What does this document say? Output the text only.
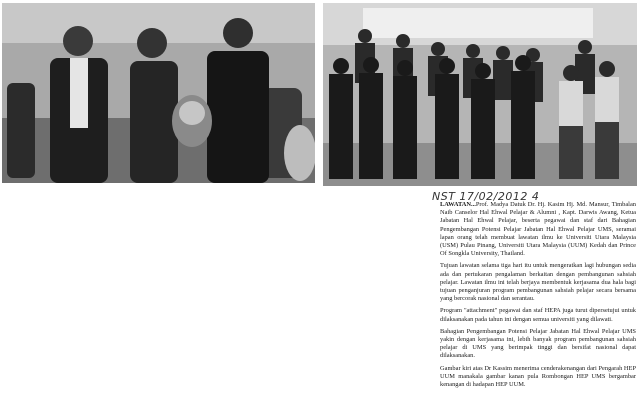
NST 17/02/2012 4

LAWATAN...Prof. Madya Datuk Dr. Hj. Kasim Hj. Md. Mansur, Timbalan Naib Canselor Hal Ehwal Pelajar & Alumni , Kapt. Darwis Awang, Ketua Jabatan Hal Ehwal Pelajar, beserta pegawai dan staf dari Bahagian Pengembangan Potensi Pelajar Jabatan Hal Ehwal Pelajar UMS, seramai lapan orang telah membuat lawatan ilmu ke Universiti Utara Malaysia (USM) Pulau Pinang, Universiti Utara Malaysia (UUM) Kedah dan Prince Of Songkla University, Thailand.

Tujuan lawatan selama tiga hari itu untuk mengeratkan lagi hubungan sedia ada dan pertukaran pengalaman berkaitan dengan pembangunan sahsiah pelajar. Lawatan ilmu ini telah berjaya membentuk kerjasama dua hala bagi tujuan penganjuran program pembangunan sahsiah pelajar secara bersama yang bercorak nasional dan serantau.

Program "attachment" pegawai dan staf HEPA juga turut dipersetujui untuk dilaksanakan pada tahun ini dengan semua universiti yang dilawati.

Bahagian Pengembangan Potensi Pelajar Jabatan Hal Ehwal Pelajar UMS yakin dengan kerjasama ini, lebih banyak program pembangunan sahsiah pelajar di UMS yang berimpak tinggi dan bersifat nasional dapat dilaksanakan.

Gambar kiri atas Dr Kassim menerima cenderakenangan dari Pengarah HEP UUM manakala gambar kanan pula Rombongan HEP UMS bergambar kenangan di hadapan HEP UUM.
